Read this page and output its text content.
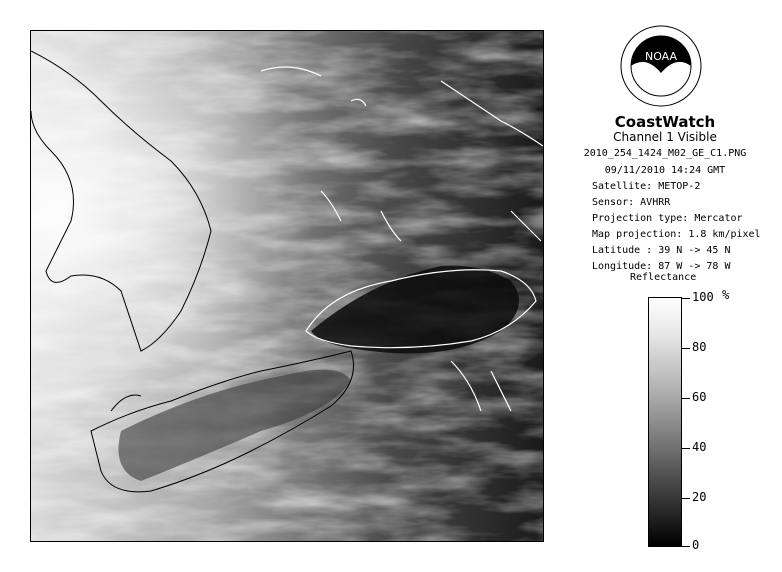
NOAA
CoastWatch
Channel 1 Visible
2010_254_1424_M02_GE_C1.PNG
09/11/2010 14:24 GMT
Satellite: METOP-2
Sensor: AVHRR
Projection type: Mercator
Map projection: 1.8 km/pixel
Latitude : 39 N -> 45 N
Longitude: 87 W -> 78 W
Reflectance
100 %
80
60
40
20
0
